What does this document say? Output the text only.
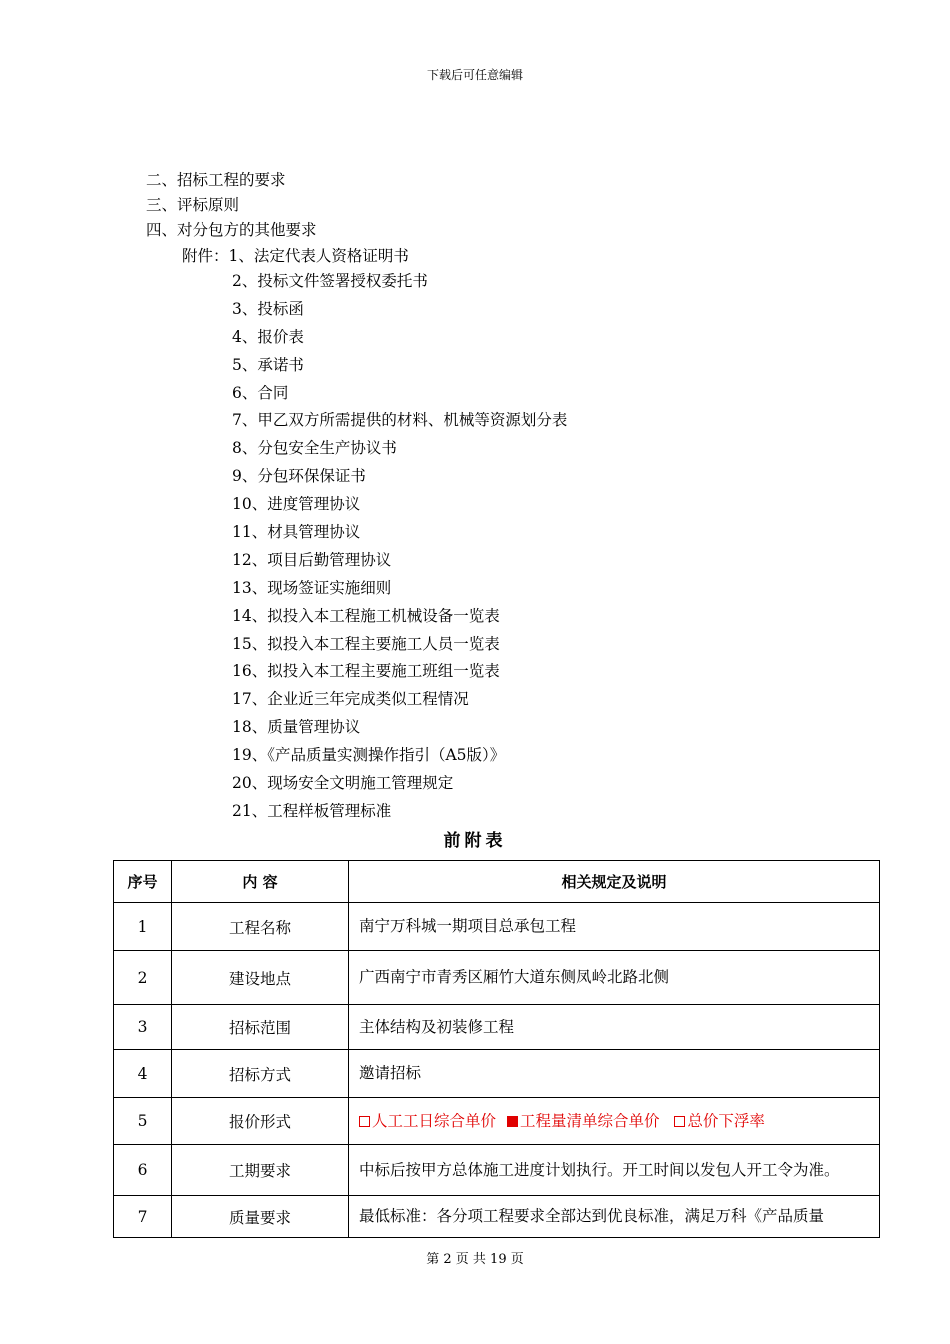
下载后可任意编辑
二、招标工程的要求
三、评标原则
四、对分包方的其他要求
附件：1、法定代表人资格证明书
2、投标文件签署授权委托书
3、投标函
4、报价表
5、承诺书
6、合同
7、甲乙双方所需提供的材料、机械等资源划分表
8、分包安全生产协议书
9、分包环保保证书
10、进度管理协议
11、材具管理协议
12、项目后勤管理协议
13、现场签证实施细则
14、拟投入本工程施工机械设备一览表
15、拟投入本工程主要施工人员一览表
16、拟投入本工程主要施工班组一览表
17、企业近三年完成类似工程情况
18、质量管理协议
19、《产品质量实测操作指引（A5版）》
20、现场安全文明施工管理规定
21、工程样板管理标准
前附表
序号	内 容	相关规定及说明
1	工程名称	南宁万科城一期项目总承包工程
2	建设地点	广西南宁市青秀区厢竹大道东侧凤岭北路北侧
3	招标范围	主体结构及初装修工程
4	招标方式	邀请招标
5	报价形式	人工工日综合单价 工程量清单综合单价 总价下浮率
6	工期要求	中标后按甲方总体施工进度计划执行。开工时间以发包人开工令为准。
7	质量要求	最低标准：各分项工程要求全部达到优良标准，满足万科《产品质量
第 2 页 共 19 页
